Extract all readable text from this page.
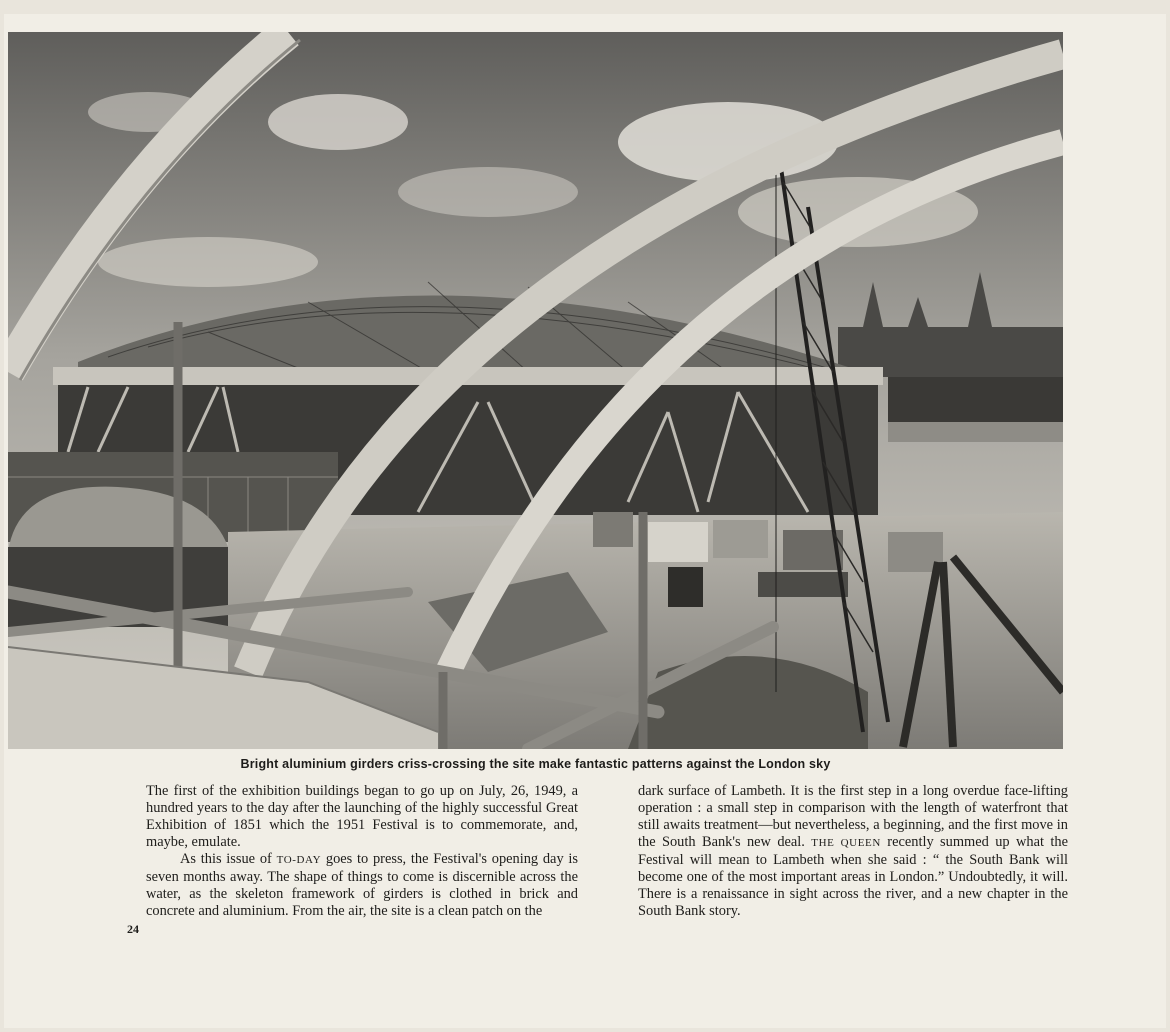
Bright aluminium girders criss-crossing the site make fantastic patterns against the London sky

The first of the exhibition buildings began to go up on July, 26, 1949, a hundred years to the day after the launching of the highly successful Great Exhibition of 1851 which the 1951 Festival is to commemorate, and, maybe, emulate.

As this issue of TO-DAY goes to press, the Festival's opening day is seven months away. The shape of things to come is discernible across the water, as the skeleton framework of girders is clothed in brick and concrete and aluminium. From the air, the site is a clean patch on the

24

dark surface of Lambeth. It is the first step in a long overdue face-lifting operation : a small step in comparison with the length of waterfront that still awaits treatment—but nevertheless, a beginning, and the first move in the South Bank's new deal. THE QUEEN recently summed up what the Festival will mean to Lambeth when she said : “ the South Bank will become one of the most important areas in London.” Undoubtedly, it will. There is a renaissance in sight across the river, and a new chapter in the South Bank story.
